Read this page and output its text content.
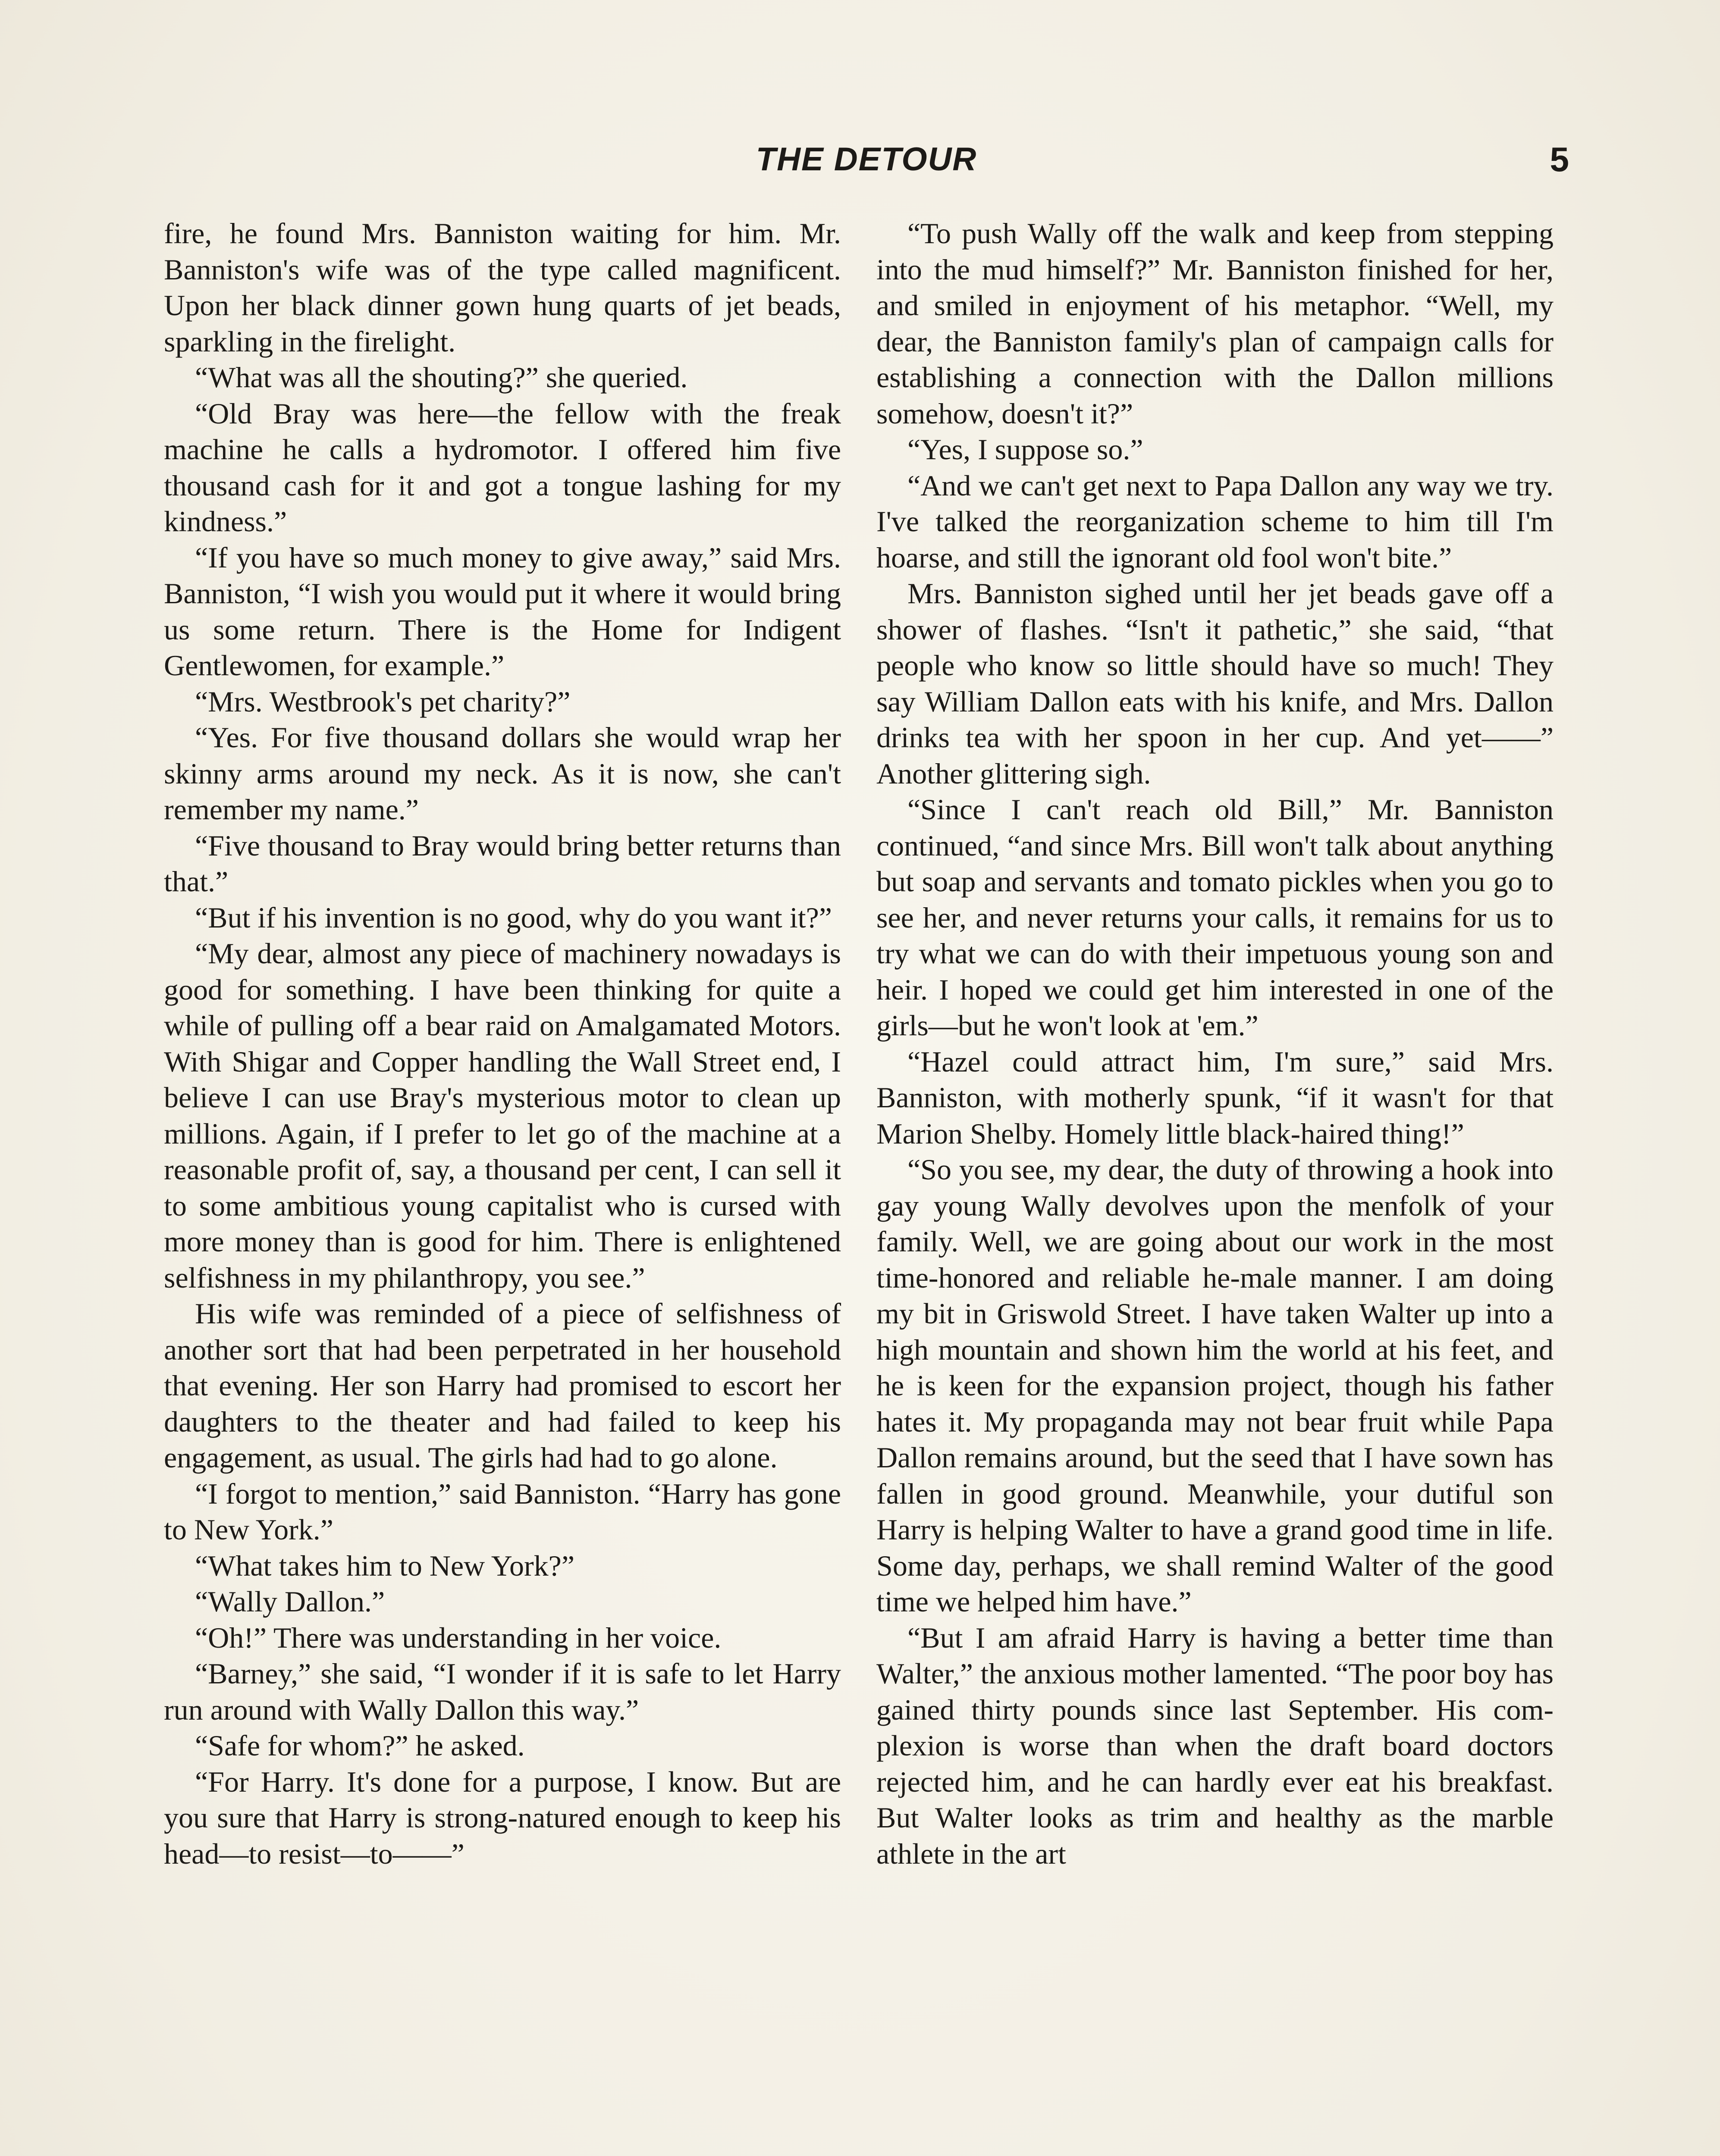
THE DETOUR	5

fire, he found Mrs. Banniston waiting for him. Mr. Banniston's wife was of the type called magnificent. Upon her black dinner gown hung quarts of jet beads, sparkling in the firelight.

“What was all the shouting?” she queried.

“Old Bray was here—the fellow with the freak machine he calls a hydromotor. I offered him five thousand cash for it and got a tongue lashing for my kindness.”

“If you have so much money to give away,” said Mrs. Banniston, “I wish you would put it where it would bring us some return. There is the Home for Indigent Gentlewomen, for example.”

“Mrs. Westbrook's pet charity?”

“Yes. For five thousand dollars she would wrap her skinny arms around my neck. As it is now, she can't remember my name.”

“Five thousand to Bray would bring better returns than that.”

“But if his invention is no good, why do you want it?”

“My dear, almost any piece of machinery nowadays is good for something. I have been thinking for quite a while of pulling off a bear raid on Amalgamated Motors. With Shigar and Copper handling the Wall Street end, I believe I can use Bray's mysterious motor to clean up millions. Again, if I prefer to let go of the machine at a reasonable profit of, say, a thousand per cent, I can sell it to some ambitious young capitalist who is cursed with more money than is good for him. There is enlightened selfishness in my philanthropy, you see.”

His wife was reminded of a piece of selfishness of another sort that had been perpetrated in her household that evening. Her son Harry had promised to escort her daughters to the theater and had failed to keep his engagement, as usual. The girls had had to go alone.

“I forgot to mention,” said Banniston. “Harry has gone to New York.”

“What takes him to New York?”

“Wally Dallon.”

“Oh!” There was understanding in her voice.

“Barney,” she said, “I wonder if it is safe to let Harry run around with Wally Dallon this way.”

“Safe for whom?” he asked.

“For Harry. It's done for a purpose, I know. But are you sure that Harry is strong-natured enough to keep his head—to resist—to——”

“To push Wally off the walk and keep from stepping into the mud himself?” Mr. Banniston finished for her, and smiled in enjoyment of his metaphor. “Well, my dear, the Banniston family's plan of campaign calls for establishing a connection with the Dallon millions somehow, doesn't it?”

“Yes, I suppose so.”

“And we can't get next to Papa Dallon any way we try. I've talked the reorganization scheme to him till I'm hoarse, and still the ignorant old fool won't bite.”

Mrs. Banniston sighed until her jet beads gave off a shower of flashes. “Isn't it pathetic,” she said, “that people who know so little should have so much! They say William Dallon eats with his knife, and Mrs. Dallon drinks tea with her spoon in her cup. And yet——” Another glittering sigh.

“Since I can't reach old Bill,” Mr. Banniston continued, “and since Mrs. Bill won't talk about anything but soap and servants and tomato pickles when you go to see her, and never returns your calls, it remains for us to try what we can do with their impetuous young son and heir. I hoped we could get him interested in one of the girls—but he won't look at 'em.”

“Hazel could attract him, I'm sure,” said Mrs. Banniston, with motherly spunk, “if it wasn't for that Marion Shelby. Homely little black-haired thing!”

“So you see, my dear, the duty of throwing a hook into gay young Wally devolves upon the menfolk of your family. Well, we are going about our work in the most time-honored and reliable he-male manner. I am doing my bit in Griswold Street. I have taken Walter up into a high mountain and shown him the world at his feet, and he is keen for the expansion project, though his father hates it. My propaganda may not bear fruit while Papa Dallon remains around, but the seed that I have sown has fallen in good ground. Meanwhile, your dutiful son Harry is helping Walter to have a grand good time in life. Some day, perhaps, we shall remind Walter of the good time we helped him have.”

“But I am afraid Harry is having a better time than Walter,” the anxious mother lamented. “The poor boy has gained thirty pounds since last September. His complexion is worse than when the draft board doctors rejected him, and he can hardly ever eat his breakfast. But Walter looks as trim and healthy as the marble athlete in the art
